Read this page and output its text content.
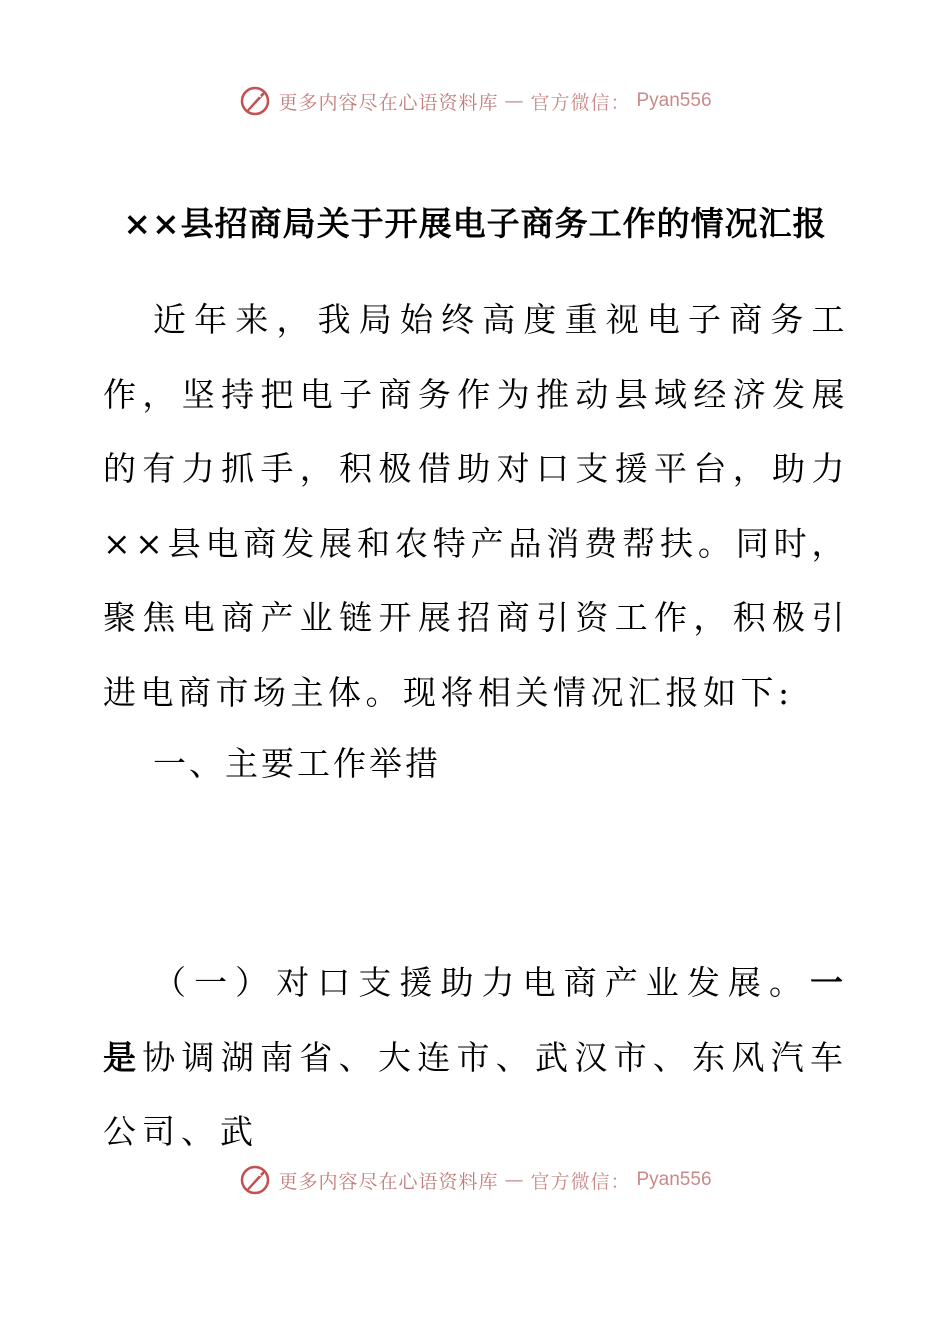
更多内容尽在心语资料库 — 官方微信： Pyan556
××县招商局关于开展电子商务工作的情况汇报

近年来，我局始终高度重视电子商务工作，坚持把电子商务作为推动县域经济发展的有力抓手，积极借助对口支援平台，助力××县电商发展和农特产品消费帮扶。同时，聚焦电商产业链开展招商引资工作，积极引进电商市场主体。现将相关情况汇报如下:

一、主要工作举措

（一）对口支援助力电商产业发展。一是协调湖南省、大连市、武汉市、东风汽车公司、武

更多内容尽在心语资料库 — 官方微信： Pyan556
